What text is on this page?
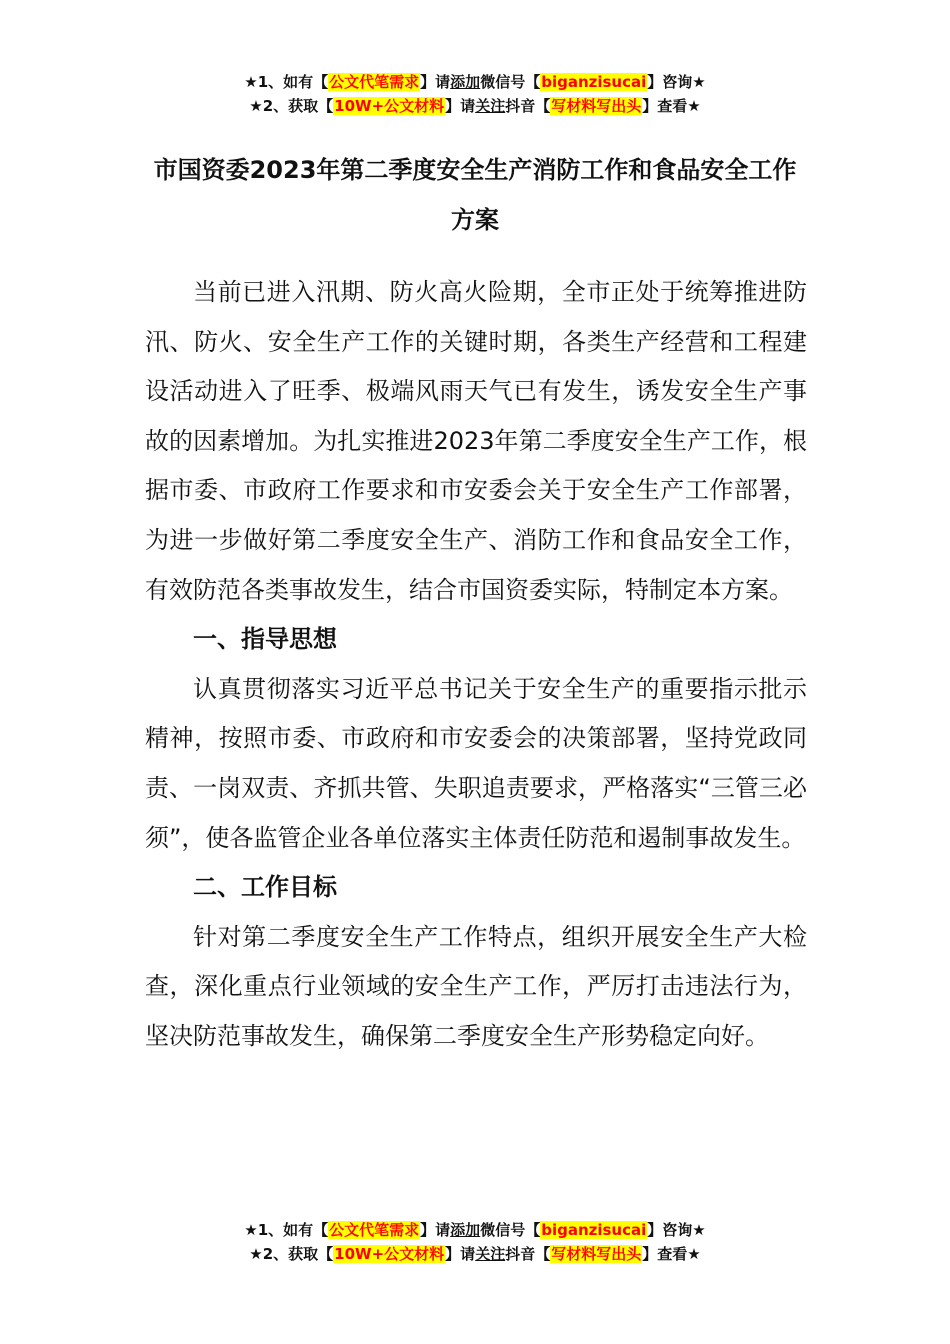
★1、如有【公文代笔需求】请添加微信号【biganzisucai】咨询★
★2、获取【10W+公文材料】请关注抖音【写材料写出头】查看★
市国资委2023年第二季度安全生产消防工作和食品安全工作方案

当前已进入汛期、防火高火险期，全市正处于统筹推进防汛、防火、安全生产工作的关键时期，各类生产经营和工程建设活动进入了旺季、极端风雨天气已有发生，诱发安全生产事故的因素增加。为扎实推进2023年第二季度安全生产工作，根据市委、市政府工作要求和市安委会关于安全生产工作部署，为进一步做好第二季度安全生产、消防工作和食品安全工作，有效防范各类事故发生，结合市国资委实际，特制定本方案。

一、指导思想

认真贯彻落实习近平总书记关于安全生产的重要指示批示精神，按照市委、市政府和市安委会的决策部署，坚持党政同责、一岗双责、齐抓共管、失职追责要求，严格落实“三管三必须”，使各监管企业各单位落实主体责任防范和遏制事故发生。

二、工作目标

针对第二季度安全生产工作特点，组织开展安全生产大检查，深化重点行业领域的安全生产工作，严厉打击违法行为，坚决防范事故发生，确保第二季度安全生产形势稳定向好。

★1、如有【公文代笔需求】请添加微信号【biganzisucai】咨询★
★2、获取【10W+公文材料】请关注抖音【写材料写出头】查看★
